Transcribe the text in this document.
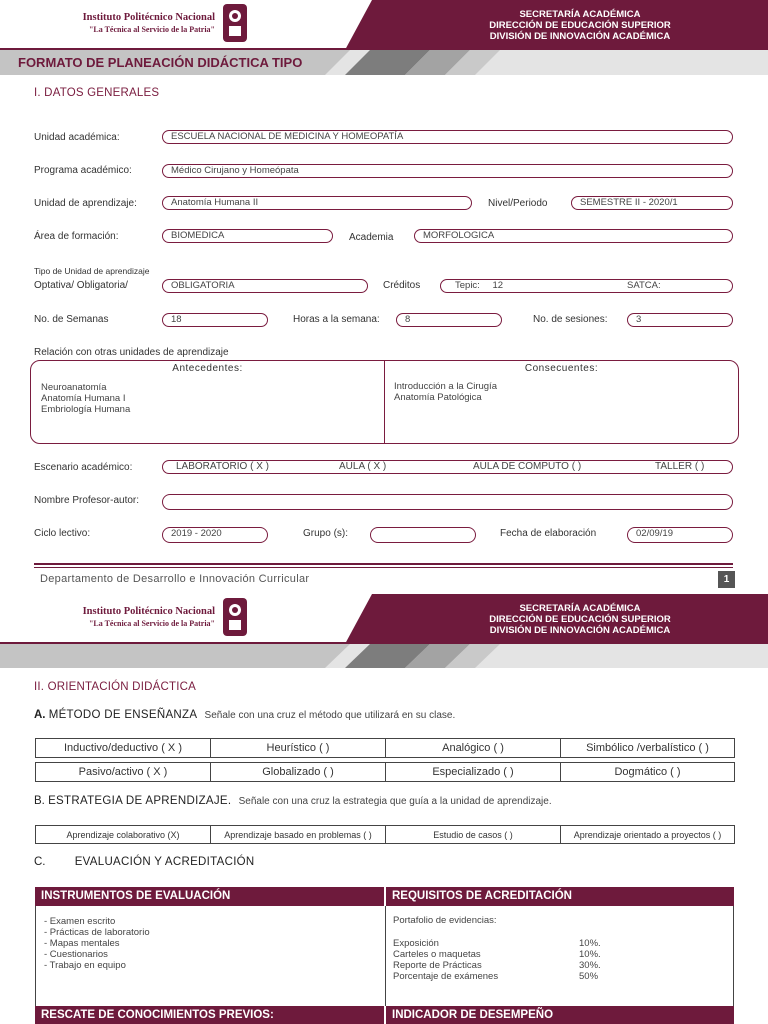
Instituto Politécnico Nacional
"La Técnica al Servicio de la Patria"
SECRETARÍA ACADÉMICA
DIRECCIÓN DE EDUCACIÓN SUPERIOR
DIVISIÓN DE INNOVACIÓN ACADÉMICA
FORMATO DE PLANEACIÓN DIDÁCTICA TIPO
I. DATOS GENERALES
Unidad académica:	ESCUELA NACIONAL DE MEDICINA Y HOMEOPATÍA
Programa académico:	Médico Cirujano y Homeópata
Unidad de aprendizaje:	Anatomía Humana II	Nivel/Periodo	SEMESTRE II - 2020/1
Área de formación:	BIOMEDICA	Academia	MORFOLOGICA
Tipo de Unidad de aprendizaje
Optativa/ Obligatoria/	OBLIGATORIA	Créditos	Tepic: 12	SATCA:
No. de Semanas	18	Horas a la semana:	8	No. de sesiones:	3
Relación con otras unidades de aprendizaje
Antecedentes:
Neuroanatomía
Anatomía Humana I
Embriología Humana
Consecuentes:
Introducción a la Cirugía
Anatomía Patológica
Escenario académico:	LABORATORIO ( X )	AULA ( X )	AULA DE COMPUTO ( )	TALLER ( )
Nombre Profesor-autor:
Ciclo lectivo:	2019 - 2020	Grupo (s):	Fecha de elaboración	02/09/19
Departamento de Desarrollo e Innovación Curricular	1
Instituto Politécnico Nacional
"La Técnica al Servicio de la Patria"
SECRETARÍA ACADÉMICA
DIRECCIÓN DE EDUCACIÓN SUPERIOR
DIVISIÓN DE INNOVACIÓN ACADÉMICA
II. ORIENTACIÓN DIDÁCTICA
A. MÉTODO DE ENSEÑANZA Señale con una cruz el método que utilizará en su clase.
Inductivo/deductivo ( X )	Heurístico ( )	Analógico ( )	Simbólico /verbalístico ( )
Pasivo/activo ( X )	Globalizado ( )	Especializado ( )	Dogmático ( )
B. ESTRATEGIA DE APRENDIZAJE. Señale con una cruz la estrategia que guía a la unidad de aprendizaje.
Aprendizaje colaborativo (X)	Aprendizaje basado en problemas ( )	Estudio de casos ( )	Aprendizaje orientado a proyectos ( )
C.	EVALUACIÓN Y ACREDITACIÓN
INSTRUMENTOS DE EVALUACIÓN	REQUISITOS DE ACREDITACIÓN
- Examen escrito
- Prácticas de laboratorio
- Mapas mentales
- Cuestionarios
- Trabajo en equipo
Portafolio de evidencias:
Exposición	10%.
Carteles o maquetas	10%.
Reporte de Prácticas	30%.
Porcentaje de exámenes	50%
RESCATE DE CONOCIMIENTOS PREVIOS:	INDICADOR DE DESEMPEÑO
